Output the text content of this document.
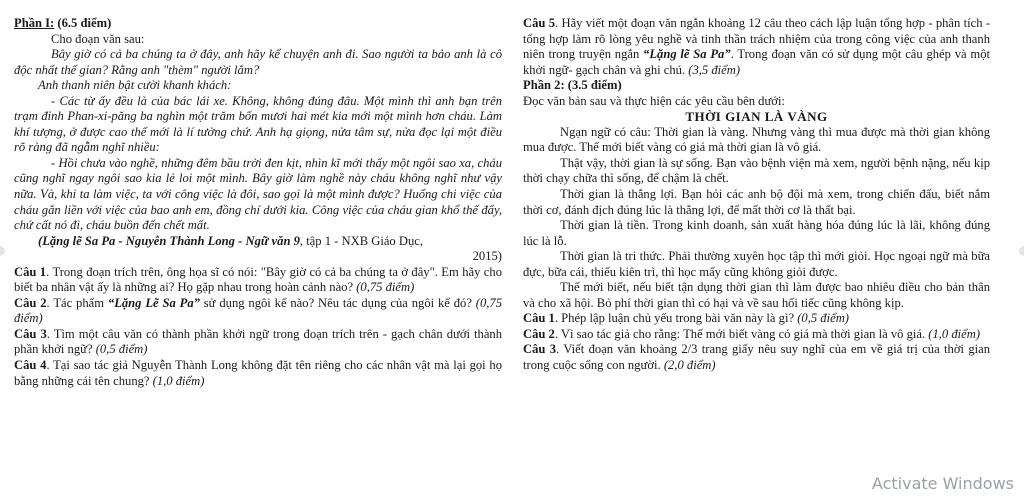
Phần I: (6.5 điểm)

Cho đoạn văn sau:

Bây giờ có cả ba chúng ta ở đây, anh hãy kể chuyện anh đi. Sao người ta bảo anh là cô độc nhất thế gian? Rằng anh "thèm" người lắm?

Anh thanh niên bật cười khanh khách:

- Các từ ấy đều là của bác lái xe. Không, không đúng đâu. Một mình thì anh bạn trên trạm đỉnh Phan-xi-păng ba nghìn một trăm bốn mươi hai mét kia mới một mình hơn cháu. Làm khí tượng, ở được cao thế mới là lí tưởng chứ. Anh hạ giọng, nửa tâm sự, nửa đọc lại một điều rõ ràng đã ngẫm nghĩ nhiều:

- Hồi chưa vào nghề, những đêm bầu trời đen kịt, nhìn kĩ mới thấy một ngôi sao xa, cháu cũng nghĩ ngay ngôi sao kia lẻ loi một mình. Bây giờ làm nghề này cháu không nghĩ như vậy nữa. Và, khi ta làm việc, ta với công việc là đôi, sao gọi là một mình được? Huống chi việc của cháu gắn liền với việc của bao anh em, đồng chí dưới kia. Công việc của cháu gian khổ thế đấy, chứ cất nó đi, cháu buồn đến chết mất.

(Lặng lẽ Sa Pa - Nguyễn Thành Long - Ngữ văn 9, tập 1 - NXB Giáo Dục,

2015)

Câu 1. Trong đoạn trích trên, ông họa sĩ có nói: "Bây giờ có cả ba chúng ta ở đây". Em hãy cho biết ba nhân vật ấy là những ai? Họ gặp nhau trong hoàn cảnh nào? (0,75 điểm)

Câu 2. Tác phẩm “Lặng Lẽ Sa Pa” sử dụng ngôi kể nào? Nêu tác dụng của ngôi kể đó? (0,75 điểm)

Câu 3. Tìm một câu văn có thành phần khởi ngữ trong đoạn trích trên - gạch chân dưới thành phần khởi ngữ? (0,5 điểm)

Câu 4. Tại sao tác giả Nguyễn Thành Long không đặt tên riêng cho các nhân vật mà lại gọi họ bằng những cái tên chung? (1,0 điểm)

Câu 5. Hãy viết một đoạn văn ngắn khoảng 12 câu theo cách lập luận tổng hợp - phân tích - tổng hợp làm rõ lòng yêu nghề và tinh thần trách nhiệm của trong công việc của anh thanh niên trong truyện ngắn “Lặng lẽ Sa Pa”. Trong đoạn văn có sử dụng một câu ghép và một khởi ngữ- gạch chân và ghi chú. (3,5 điểm)

Phần 2: (3.5 điểm)

Đọc văn bản sau và thực hiện các yêu cầu bên dưới:

THỜI GIAN LÀ VÀNG

Ngạn ngữ có câu: Thời gian là vàng. Nhưng vàng thì mua được mà thời gian không mua được. Thế mới biết vàng có giá mà thời gian là vô giá.

Thật vậy, thời gian là sự sống. Bạn vào bệnh viện mà xem, người bệnh nặng, nếu kịp thời chạy chữa thì sống, để chậm là chết.

Thời gian là thắng lợi. Bạn hỏi các anh bộ đội mà xem, trong chiến đấu, biết nắm thời cơ, đánh địch đúng lúc là thắng lợi, để mất thời cơ là thất bại.

Thời gian là tiền. Trong kinh doanh, sản xuất hàng hóa đúng lúc là lãi, không đúng lúc là lỗ.

Thời gian là tri thức. Phải thường xuyên học tập thì mới giỏi. Học ngoại ngữ mà bữa đực, bữa cái, thiếu kiên trì, thì học mấy cũng không giỏi được.

Thế mới biết, nếu biết tận dụng thời gian thì làm được bao nhiêu điều cho bản thân và cho xã hội. Bỏ phí thời gian thì có hại và về sau hối tiếc cũng không kịp.

Câu 1. Phép lập luận chủ yếu trong bài văn này là gì? (0,5 điểm)

Câu 2. Vì sao tác giả cho rằng: Thế mới biết vàng có giá mà thời gian là vô giá. (1,0 điểm)

Câu 3. Viết đoạn văn khoảng 2/3 trang giấy nêu suy nghĩ của em về giá trị của thời gian trong cuộc sống con người. (2,0 điểm)

Activate Windows
